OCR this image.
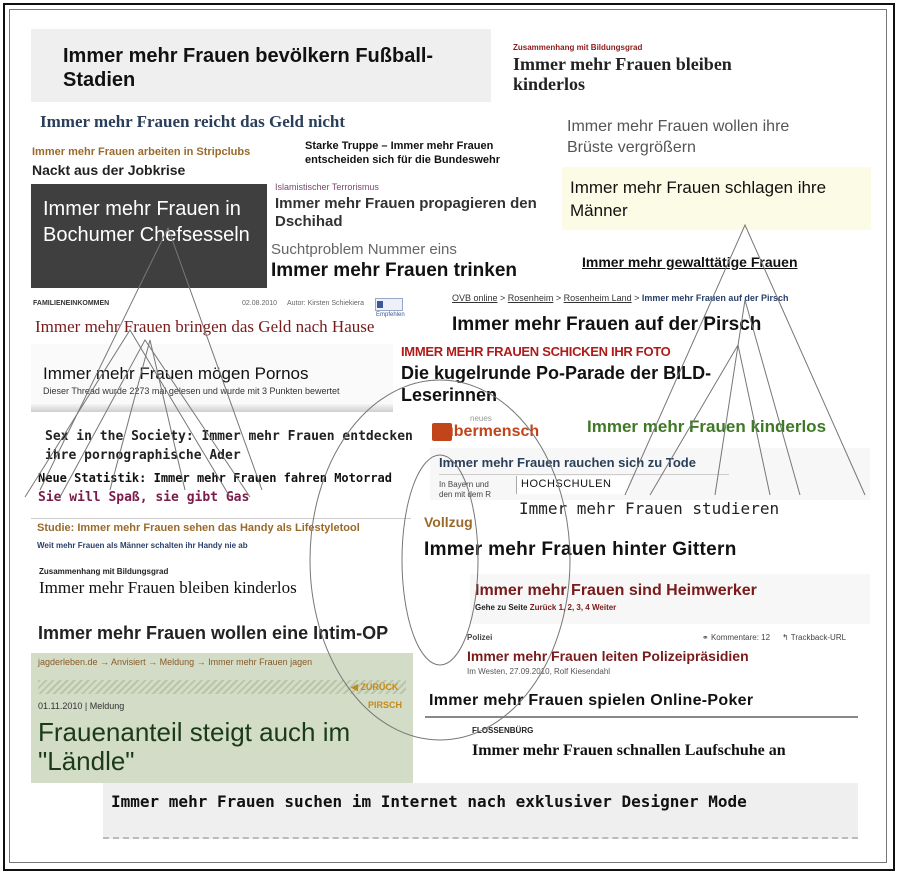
Immer mehr Frauen bevölkern Fußball-Stadien
Zusammenhang mit Bildungsgrad
Immer mehr Frauen bleiben kinderlos
Immer mehr Frauen reicht das Geld nicht	Immer mehr Frauen wollen ihre Brüste vergrößern
Immer mehr Frauen arbeiten in Stripclubs
Nackt aus der Jobkrise
Starke Truppe – Immer mehr Frauen entscheiden sich für die Bundeswehr
Immer mehr Frauen schlagen ihre Männer
Immer mehr Frauen in Bochumer Chefsesseln
Islamistischer Terrorismus
Immer mehr Frauen propagieren den Dschihad
Suchtproblem Nummer eins
Immer mehr Frauen trinken	Immer mehr gewalttätige Frauen
FAMILIENEINKOMMEN	02.08.2010 Autor: Kirsten Schiekiera
Empfehlen
Immer mehr Frauen bringen das Geld nach Hause
OVB online > Rosenheim > Rosenheim Land > Immer mehr Frauen auf der Pirsch
Immer mehr Frauen auf der Pirsch
IMMER MEHR FRAUEN SCHICKEN IHR FOTO
Die kugelrunde Po-Parade der BILD-Leserinnen
Immer mehr Frauen mögen Pornos
Dieser Thread wurde 2273 mal gelesen und wurde mit 3 Punkten bewertet
neues
übermensch	Immer mehr Frauen kinderlos
Sex in the Society: Immer mehr Frauen entdecken ihre pornographische Ader	Immer mehr Frauen rauchen sich zu Tode
In Bayern und
den mit dem R
HOCHSCHULEN
Neue Statistik: Immer mehr Frauen fahren Motorrad
Sie will Spaß, sie gibt Gas
Immer mehr Frauen studieren
Studie: Immer mehr Frauen sehen das Handy als Lifestyletool
Weit mehr Frauen als Männer schalten ihr Handy nie ab
Vollzug
Immer mehr Frauen hinter Gittern
Zusammenhang mit Bildungsgrad
Immer mehr Frauen bleiben kinderlos	Immer mehr Frauen sind Heimwerker
Gehe zu Seite Zurück 1, 2, 3, 4 Weiter
Immer mehr Frauen wollen eine Intim-OP	Polizei	⚭ Kommentare: 12 ↰ Trackback-URL
Immer mehr Frauen leiten Polizeipräsidien
Im Westen, 27.09.2010, Rolf Kiesendahl
jagderleben.de → Anvisiert → Meldung → Immer mehr Frauen jagen
◀ ZURÜCK
PIRSCH
01.11.2010 | Meldung
Frauenanteil steigt auch im "Ländle"
Immer mehr Frauen spielen Online-Poker
FLOSSENBÜRG
Immer mehr Frauen schnallen Laufschuhe an
Immer mehr Frauen suchen im Internet nach exklusiver Designer Mode
